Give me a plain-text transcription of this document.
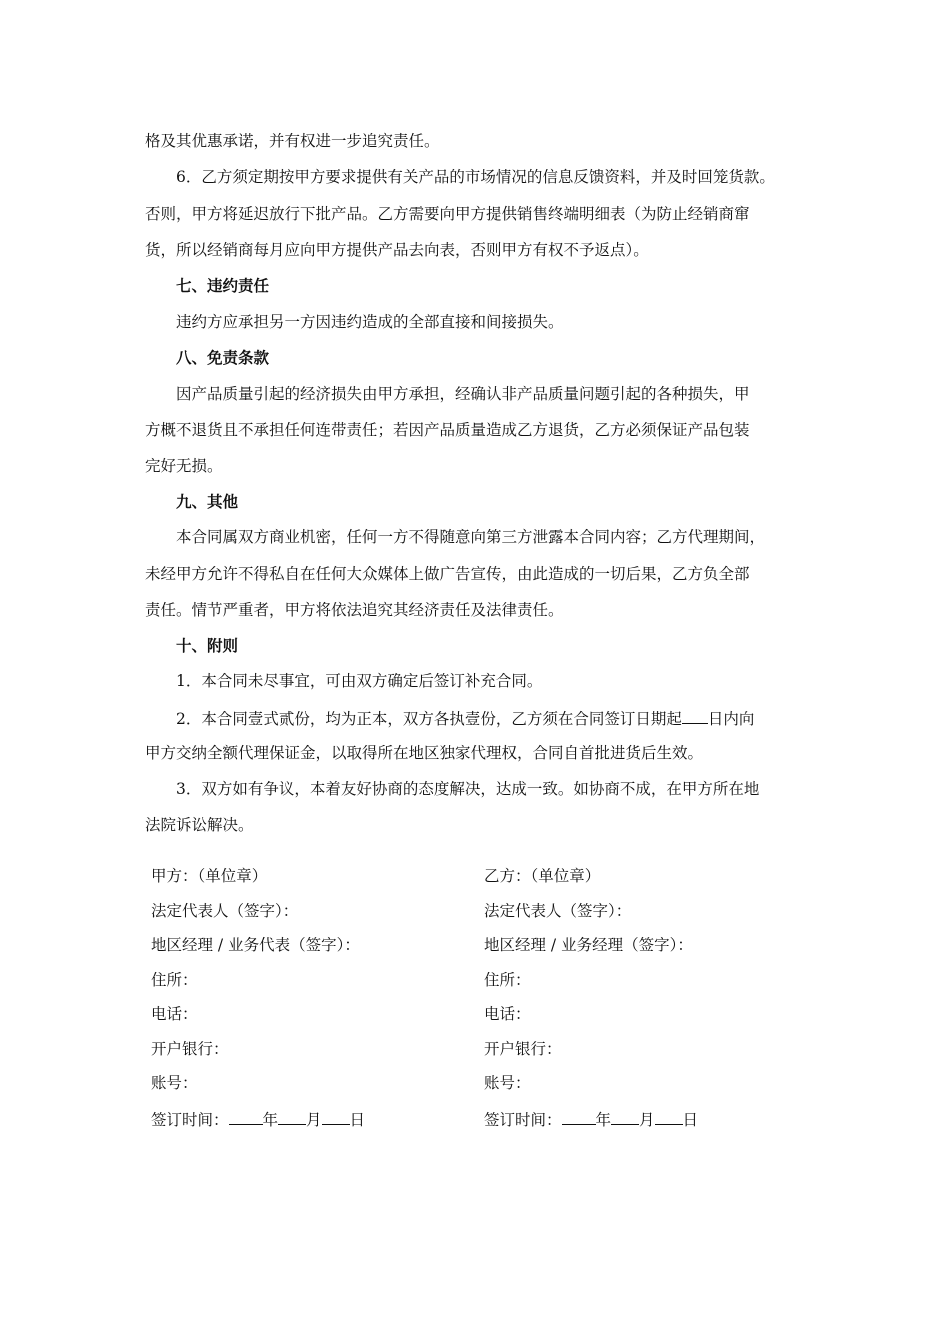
格及其优惠承诺，并有权进一步追究责任。
6．乙方须定期按甲方要求提供有关产品的市场情况的信息反馈资料，并及时回笼货款。
否则，甲方将延迟放行下批产品。乙方需要向甲方提供销售终端明细表（为防止经销商窜
货，所以经销商每月应向甲方提供产品去向表，否则甲方有权不予返点）。
七、违约责任
违约方应承担另一方因违约造成的全部直接和间接损失。
八、免责条款
因产品质量引起的经济损失由甲方承担，经确认非产品质量问题引起的各种损失，甲
方概不退货且不承担任何连带责任；若因产品质量造成乙方退货，乙方必须保证产品包装
完好无损。
九、其他
本合同属双方商业机密，任何一方不得随意向第三方泄露本合同内容；乙方代理期间，
未经甲方允许不得私自在任何大众媒体上做广告宣传，由此造成的一切后果，乙方负全部
责任。情节严重者，甲方将依法追究其经济责任及法律责任。
十、附则
1．本合同未尽事宜，可由双方确定后签订补充合同。
2．本合同壹式贰份，均为正本，双方各执壹份，乙方须在合同签订日期起 日内向
甲方交纳全额代理保证金，以取得所在地区独家代理权，合同自首批进货后生效。
3．双方如有争议，本着友好协商的态度解决，达成一致。如协商不成，在甲方所在地
法院诉讼解决。
甲方：（单位章）
法定代表人（签字）：
地区经理 / 业务代表（签字）：
住所：
电话：
开户银行：
账号：
签订时间： 年 月 日
乙方：（单位章）
法定代表人（签字）：
地区经理 / 业务经理（签字）：
住所：
电话：
开户银行：
账号：
签订时间： 年 月 日
